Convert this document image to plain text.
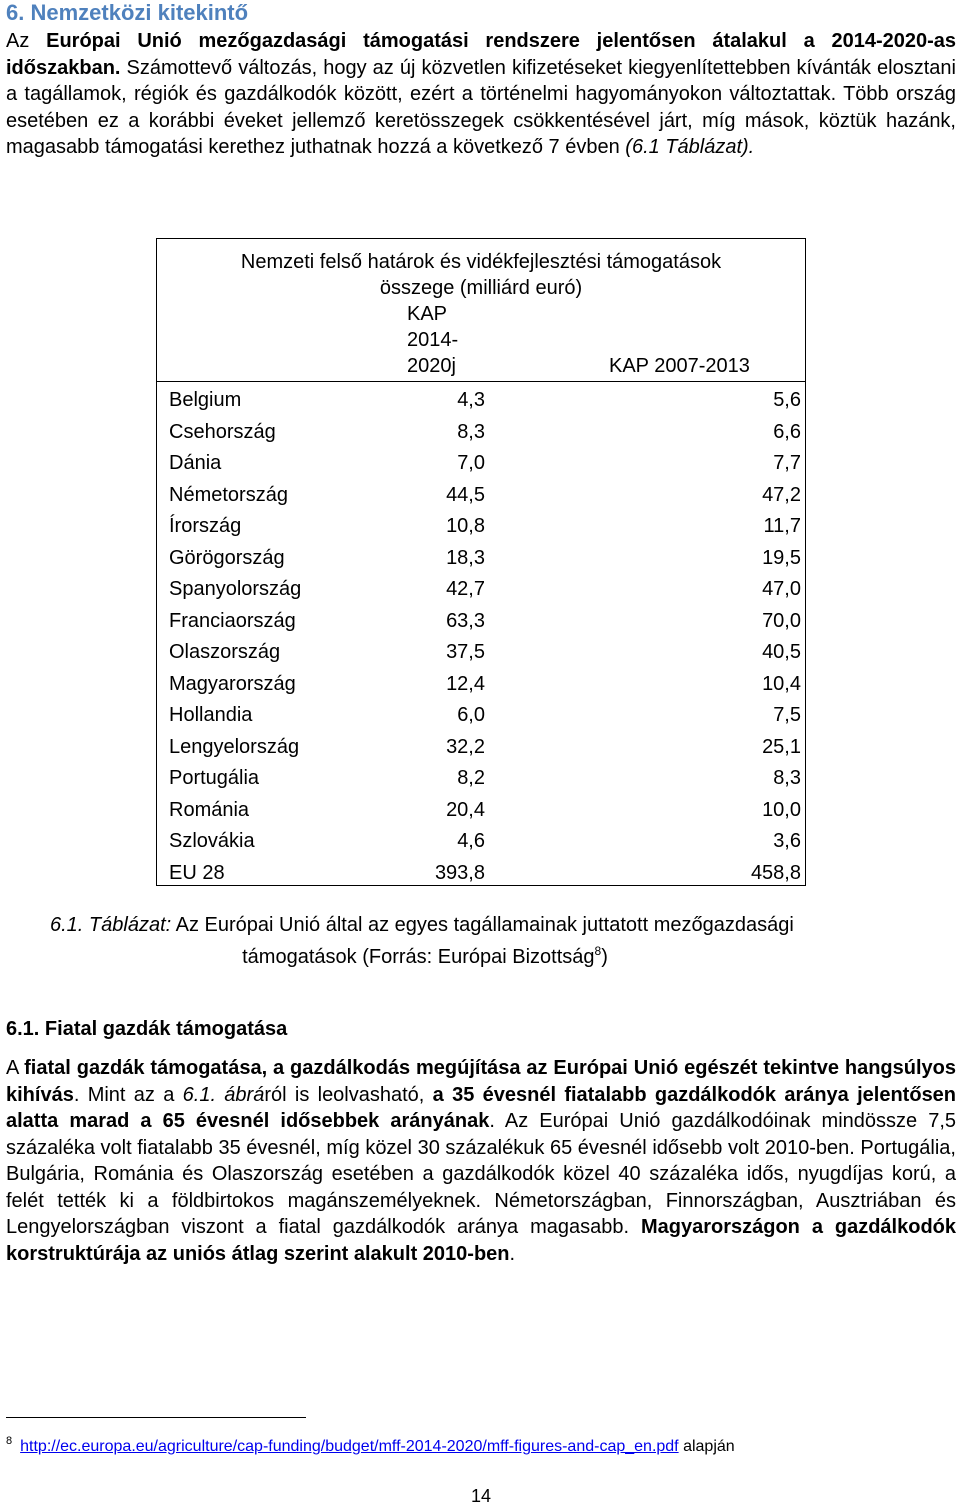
6. Nemzetközi kitekintő
Az Európai Unió mezőgazdasági támogatási rendszere jelentősen átalakul a 2014-2020-as időszakban. Számottevő változás, hogy az új közvetlen kifizetéseket kiegyenlítettebben kívánták elosztani a tagállamok, régiók és gazdálkodók között, ezért a történelmi hagyományokon változtattak. Több ország esetében ez a korábbi éveket jellemző keretösszegek csökkentésével járt, míg mások, köztük hazánk, magasabb támogatási kerethez juthatnak hozzá a következő 7 évben (6.1 Táblázat).
Nemzeti felső határok és vidékfejlesztési támogatások
összege (milliárd euró)
KAP
2014-
2020j	KAP 2007-2013
Belgium	4,3	5,6
Csehország	8,3	6,6
Dánia	7,0	7,7
Németország	44,5	47,2
Írország	10,8	11,7
Görögország	18,3	19,5
Spanyolország	42,7	47,0
Franciaország	63,3	70,0
Olaszország	37,5	40,5
Magyarország	12,4	10,4
Hollandia	6,0	7,5
Lengyelország	32,2	25,1
Portugália	8,2	8,3
Románia	20,4	10,0
Szlovákia	4,6	3,6
EU 28	393,8	458,8
6.1. Táblázat: Az Európai Unió által az egyes tagállamainak juttatott mezőgazdasági
támogatások (Forrás: Európai Bizottság$^8$)
6.1. Fiatal gazdák támogatása
A fiatal gazdák támogatása, a gazdálkodás megújítása az Európai Unió egészét tekintve hangsúlyos kihívás. Mint az a 6.1. ábráról is leolvasható, a 35 évesnél fiatalabb gazdálkodók aránya jelentősen alatta marad a 65 évesnél idősebbek arányának. Az Európai Unió gazdálkodóinak mindössze 7,5 százaléka volt fiatalabb 35 évesnél, míg közel 30 százalékuk 65 évesnél idősebb volt 2010-ben. Portugália, Bulgária, Románia és Olaszország esetében a gazdálkodók közel 40 százaléka idős, nyugdíjas korú, a felét tették ki a földbirtokos magánszemélyeknek. Németországban, Finnországban, Ausztriában és Lengyelországban viszont a fiatal gazdálkodók aránya magasabb. Magyarországon a gazdálkodók korstruktúrája az uniós átlag szerint alakult 2010-ben.
$^8$ http://ec.europa.eu/agriculture/cap-funding/budget/mff-2014-2020/mff-figures-and-cap_en.pdf alapján
14
